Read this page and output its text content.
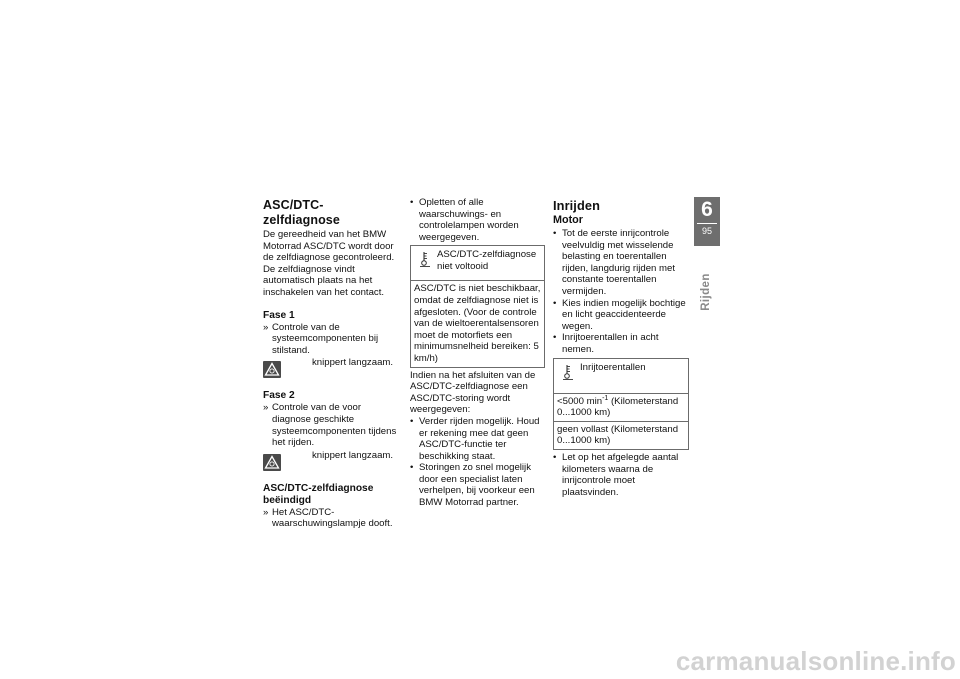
ASC/DTC-zelfdiagnose

De gereedheid van het BMW Motorrad ASC/DTC wordt door de zelfdiagnose gecontroleerd. De zelfdiagnose vindt automatisch plaats na het inschakelen van het contact.

Fase 1
» Controle van de systeemcomponenten bij stilstand.
knippert langzaam.
Fase 2
» Controle van de voor diagnose geschikte systeemcomponenten tijdens het rijden.
knippert langzaam.
ASC/DTC-zelfdiagnose beëindigd
» Het ASC/DTC-waarschuwingslampje dooft.
• Opletten of alle waarschuwings- en controlelampen worden weergegeven.
ASC/DTC-zelfdiagnose niet voltooid
ASC/DTC is niet beschikbaar, omdat de zelfdiagnose niet is afgesloten. (Voor de controle van de wieltoerentalsensoren moet de motorfiets een minimumsnelheid bereiken: 5 km/h)

Indien na het afsluiten van de ASC/DTC-zelfdiagnose een ASC/DTC-storing wordt weergegeven:

• Verder rijden mogelijk. Houd er rekening mee dat geen ASC/DTC-functie ter beschikking staat.
• Storingen zo snel mogelijk door een specialist laten verhelpen, bij voorkeur een BMW Motorrad partner.
Inrijden
Motor
• Tot de eerste inrijcontrole veelvuldig met wisselende belasting en toerentallen rijden, langdurig rijden met constante toerentallen vermijden.
• Kies indien mogelijk bochtige en licht geaccidenteerde wegen.
• Inrijtoerentallen in acht nemen.
Inrijtoerentallen
<5000 $\min^{-1}$ (Kilometerstand 0...1000 km)
geen vollast (Kilometerstand 0...1000 km)
• Let op het afgelegde aantal kilometers waarna de inrijcontrole moet plaatsvinden.
6
95
Rijden
carmanualsonline.info
